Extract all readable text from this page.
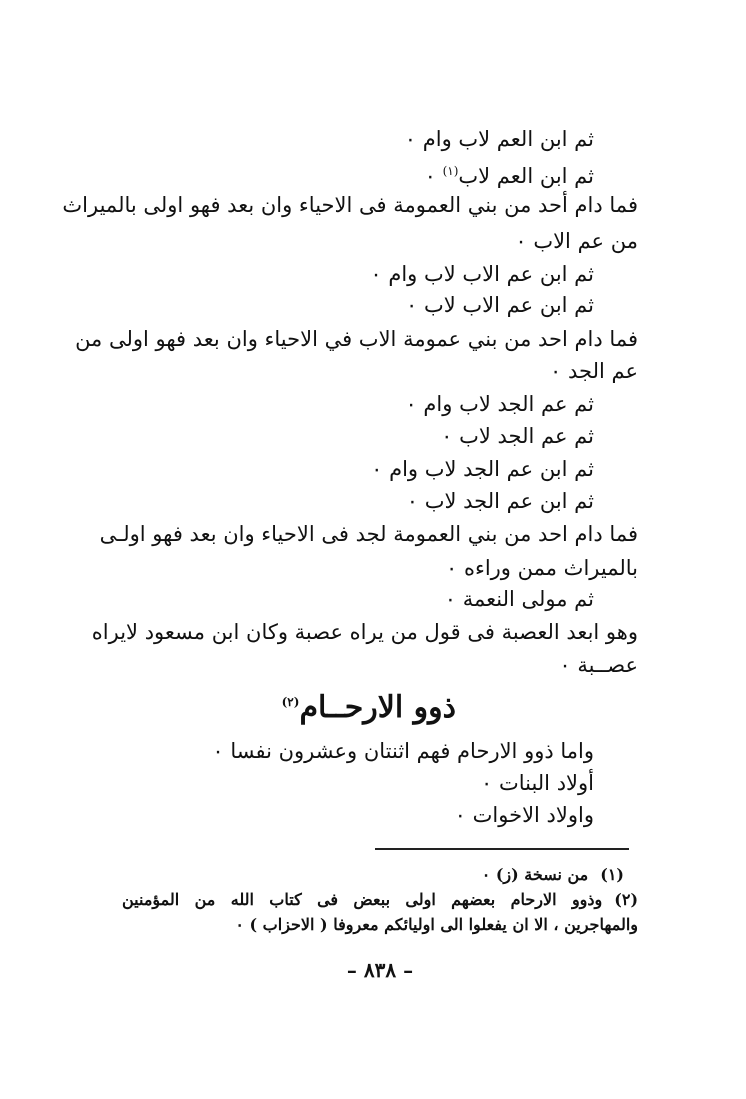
ثم ابن العم لاب وام ٠

ثم ابن العم لاب$^{(١)}$ ٠

فما دام أحد من بني العمومة فى الاحياء وان بعد فهو اولى بالميراث

من عم الاب ٠

ثم ابن عم الاب لاب وام ٠

ثم ابن عم الاب لاب ٠

فما دام احد من بني عمومة الاب في الاحياء وان بعد فهو اولى من

عم الجد ٠

ثم عم الجد لاب وام ٠

ثم عم الجد لاب ٠

ثم ابن عم الجد لاب وام ٠

ثم ابن عم الجد لاب ٠

فما دام احد من بني العمومة لجد فى الاحياء وان بعد فهو اولـى

بالميراث ممن وراءه ٠

ثم مولى النعمة ٠

وهو ابعد العصبة فى قول من يراه عصبة وكان ابن مسعود لايراه

عصــبة ٠

ذوو الارحــام$^{(٢)}$

واما ذوو الارحام فهم اثنتان وعشرون نفسا ٠

أولاد البنات ٠

واولاد الاخوات ٠

(١)من نسخة (ز) ٠
(٢)وذوو الارحام بعضهم اولى ببعض فى كتاب الله من المؤمنين
والمهاجرين ، الا ان يفعلوا الى اوليائكم معروفا ( الاحزاب ) ٠
– ٨٣٨ –
